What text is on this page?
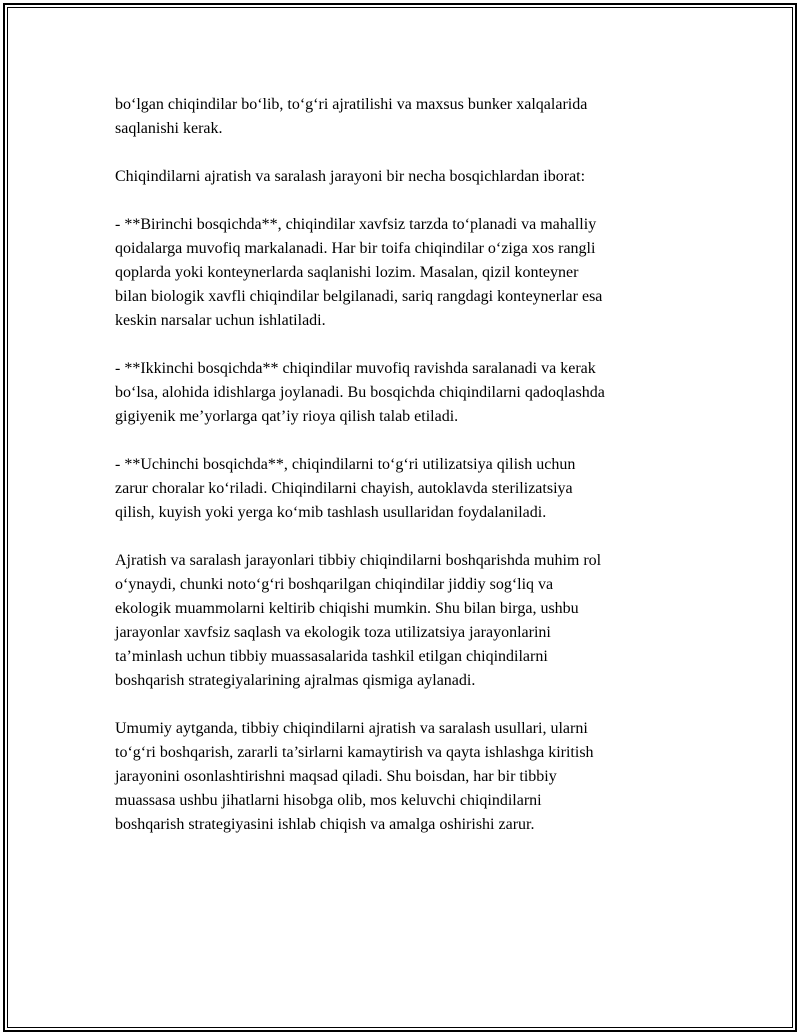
bo‘lgan chiqindilar bo‘lib, to‘g‘ri ajratilishi va maxsus bunker xalqalarida
saqlanishi kerak.

Chiqindilarni ajratish va saralash jarayoni bir necha bosqichlardan iborat:

- **Birinchi bosqichda**, chiqindilar xavfsiz tarzda to‘planadi va mahalliy
qoidalarga muvofiq markalanadi. Har bir toifa chiqindilar o‘ziga xos rangli
qoplarda yoki konteynerlarda saqlanishi lozim. Masalan, qizil konteyner
bilan biologik xavfli chiqindilar belgilanadi, sariq rangdagi konteynerlar esa
keskin narsalar uchun ishlatiladi.

- **Ikkinchi bosqichda** chiqindilar muvofiq ravishda saralanadi va kerak
bo‘lsa, alohida idishlarga joylanadi. Bu bosqichda chiqindilarni qadoqlashda
gigiyenik me’yorlarga qat’iy rioya qilish talab etiladi.

- **Uchinchi bosqichda**, chiqindilarni to‘g‘ri utilizatsiya qilish uchun
zarur choralar ko‘riladi. Chiqindilarni chayish, autoklavda sterilizatsiya
qilish, kuyish yoki yerga ko‘mib tashlash usullaridan foydalaniladi.

Ajratish va saralash jarayonlari tibbiy chiqindilarni boshqarishda muhim rol
o‘ynaydi, chunki noto‘g‘ri boshqarilgan chiqindilar jiddiy sog‘liq va
ekologik muammolarni keltirib chiqishi mumkin. Shu bilan birga, ushbu
jarayonlar xavfsiz saqlash va ekologik toza utilizatsiya jarayonlarini
ta’minlash uchun tibbiy muassasalarida tashkil etilgan chiqindilarni
boshqarish strategiyalarining ajralmas qismiga aylanadi.

Umumiy aytganda, tibbiy chiqindilarni ajratish va saralash usullari, ularni
to‘g‘ri boshqarish, zararli ta’sirlarni kamaytirish va qayta ishlashga kiritish
jarayonini osonlashtirishni maqsad qiladi. Shu boisdan, har bir tibbiy
muassasa ushbu jihatlarni hisobga olib, mos keluvchi chiqindilarni
boshqarish strategiyasini ishlab chiqish va amalga oshirishi zarur.
